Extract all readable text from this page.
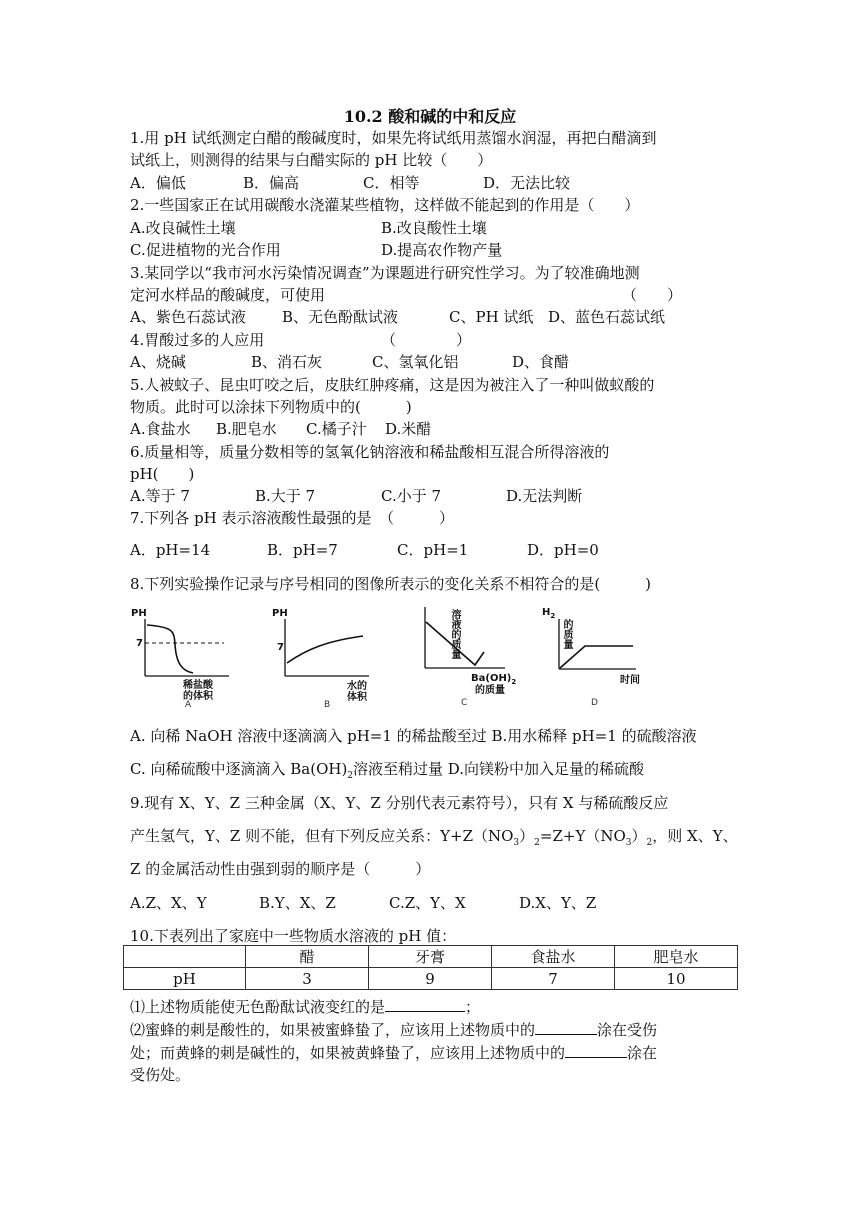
10.2 酸和碱的中和反应
1.用 pH 试纸测定白醋的酸碱度时，如果先将试纸用蒸馏水润湿，再把白醋滴到
试纸上，则测得的结果与白醋实际的 pH 比较（　　）
A．偏低	B．偏高	C．相等	D．无法比较
2.一些国家正在试用碳酸水浇灌某些植物，这样做不能起到的作用是（　　）
A.改良碱性土壤	B.改良酸性土壤
C.促进植物的光合作用	D.提高农作物产量
3.某同学以“我市河水污染情况调查”为课题进行研究性学习。为了较准确地测
定河水样品的酸碱度，可使用	（　　）
A、紫色石蕊试液 B、无色酚酞试液	C、PH 试纸 D、蓝色石蕊试纸
4.胃酸过多的人应用	（　　　　）
A、烧碱	B、消石灰	C、氢氧化铝	D、食醋
5.人被蚊子、昆虫叮咬之后，皮肤红肿疼痛，这是因为被注入了一种叫做蚁酸的
物质。此时可以涂抹下列物质中的(　　　)
A.食盐水 B.肥皂水 C.橘子汁 D.米醋
6.质量相等，质量分数相等的氢氧化钠溶液和稀盐酸相互混合所得溶液的
pH(　　)
A.等于 7	B.大于 7	C.小于 7	D.无法判断
7.下列各 pH 表示溶液酸性最强的是　（　　　）
A．pH=14	B．pH=7	C．pH=1	D．pH=0
8.下列实验操作记录与序号相同的图像所表示的变化关系不相符合的是(　　　)
PH
7
稀盐酸
的体积
A
PH
7
水的
体积
B
溶液的质量
$Ba(OH)_2$
的质量
C
$H_2$
的质量
时间
D
A. 向稀 NaOH 溶液中逐滴滴入 pH=1 的稀盐酸至过 B.用水稀释 pH=1 的硫酸溶液
C. 向稀硫酸中逐滴滴入 $Ba(OH)_2$溶液至稍过量 D.向镁粉中加入足量的稀硫酸
9.现有 X、Y、Z 三种金属（X、Y、Z 分别代表元素符号），只有 X 与稀硫酸反应
产生氢气，Y、Z 则不能，但有下列反应关系：$Y+Z(NO_3)_2=Z+Y(NO_3)_2$，则 X、Y、
Z 的金属活动性由强到弱的顺序是（　　　）
A.Z、X、Y	B.Y、X、Z	C.Z、Y、X	D.X、Y、Z
10.下表列出了家庭中一些物质水溶液的 pH 值：
	醋	牙膏	食盐水	肥皂水
pH	3	9	7	10
⑴上述物质能使无色酚酞试液变红的是	；
⑵蜜蜂的刺是酸性的，如果被蜜蜂蛰了，应该用上述物质中的	涂在受伤
处；而黄蜂的刺是碱性的，如果被黄蜂蛰了，应该用上述物质中的	涂在
受伤处。
